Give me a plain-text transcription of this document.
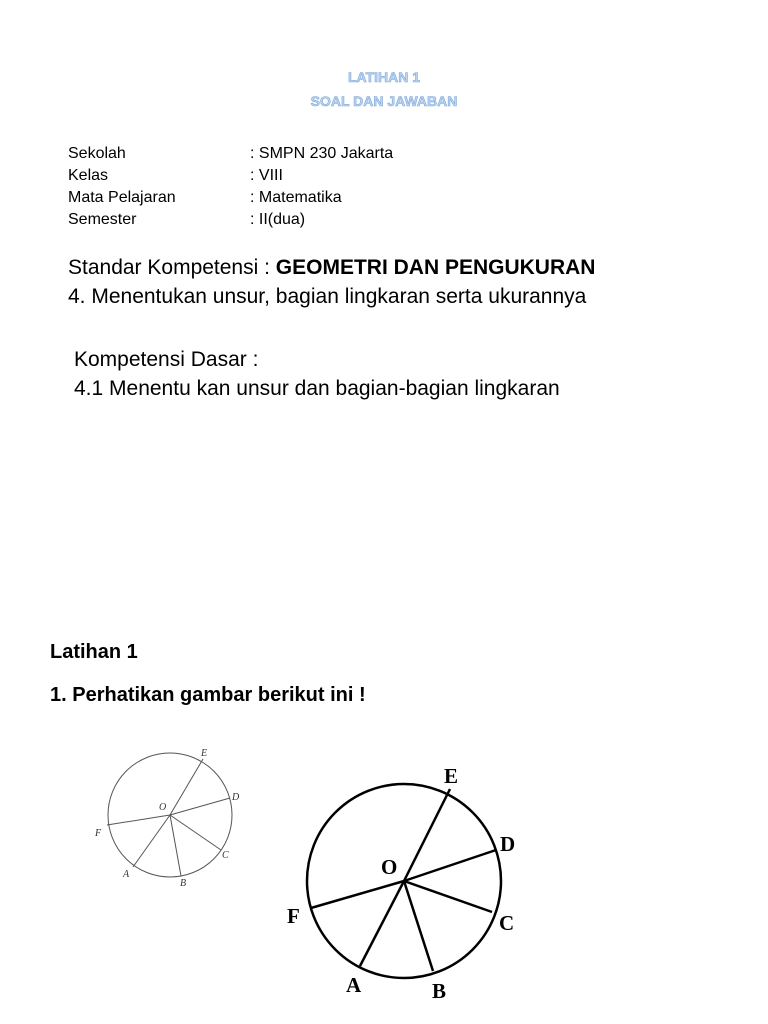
LATIHAN 1
SOAL DAN JAWABAN
Sekolah	: SMPN 230 Jakarta
Kelas	: VIII
Mata Pelajaran	: Matematika
Semester	: II(dua)
Standar Kompetensi : GEOMETRI DAN PENGUKURAN
4. Menentukan unsur, bagian lingkaran serta ukurannya
Kompetensi Dasar :
4.1 Menentu kan unsur dan bagian-bagian lingkaran
Latihan 1
1. Perhatikan gambar berikut ini !
E
D
O
F
C
A
B
E
D
O
F	C
A	B
